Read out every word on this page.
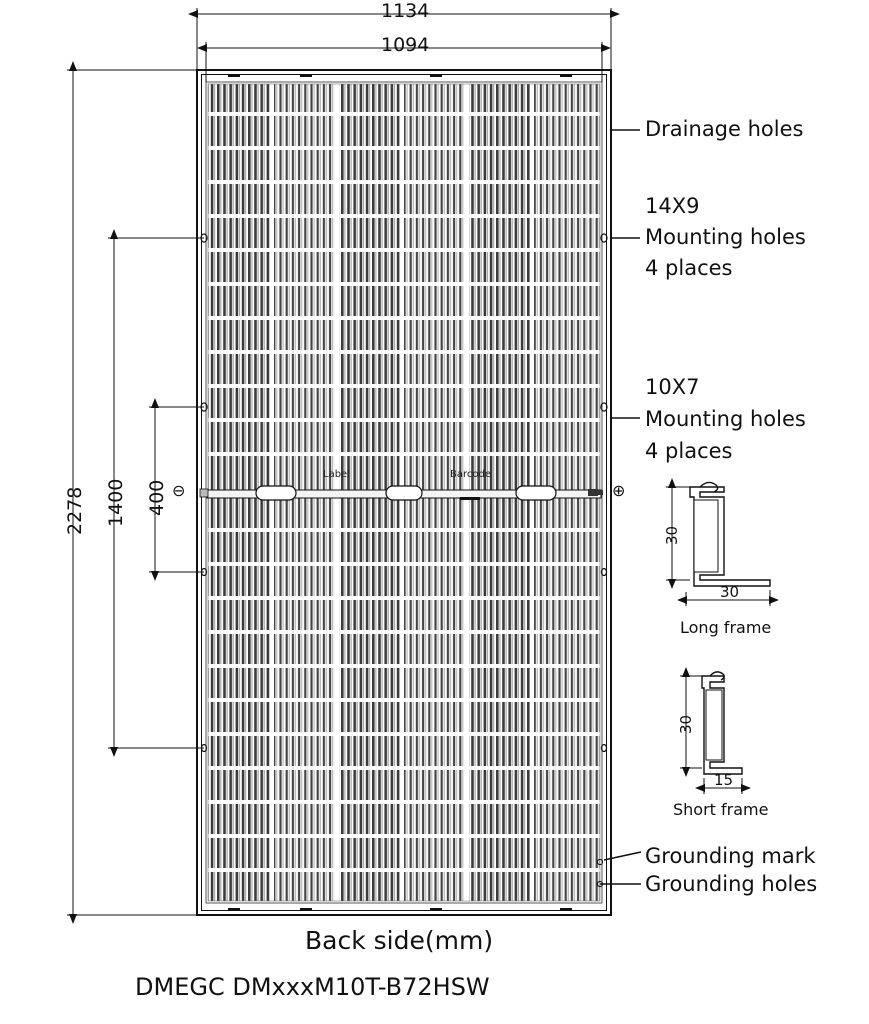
1134
1094
2278 1400 400
Drainage holes
14X9
Mounting holes
4 places
10X7
Mounting holes
4 places
Grounding mark
Grounding holes
Label	Barcode
⊖	⊕
30
30
Long frame
30
15
Short frame
Back side(mm)
DMEGC DMxxxM10T-B72HSW
